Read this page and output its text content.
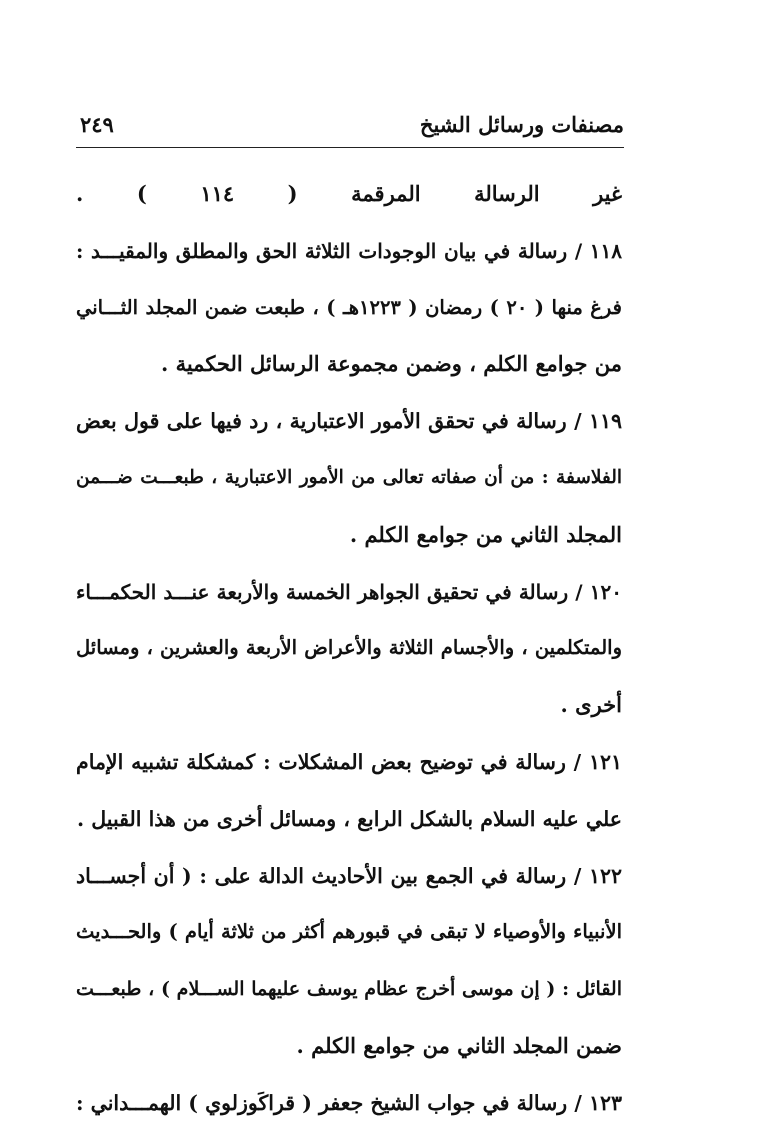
مصنفات ورسائل الشيخ
٢٤٩
غير الرسالة المرقمة ( ١١٤ ) .
١١٨ / رسالة في بيان الوجودات الثلاثة الحق والمطلق والمقيـــد :
فرغ منها ( ٢٠ ) رمضان ( ١٢٢٣هـ ) ، طبعت ضمن المجلد الثـــاني
من جوامع الكلم ، وضمن مجموعة الرسائل الحكمية .
١١٩ / رسالة في تحقق الأمور الاعتبارية ، رد فيها على قول بعض
الفلاسفة : من أن صفاته تعالى من الأمور الاعتبارية ، طبعـــت ضـــمن
المجلد الثاني من جوامع الكلم .
١٢٠ / رسالة في تحقيق الجواهر الخمسة والأربعة عنـــد الحكمـــاء
والمتكلمين ، والأجسام الثلاثة والأعراض الأربعة والعشرين ، ومسائل
أخرى .
١٢١ / رسالة في توضيح بعض المشكلات : كمشكلة تشبيه الإمام
علي عليه السلام بالشكل الرابع ، ومسائل أخرى من هذا القبيل .
١٢٢ / رسالة في الجمع بين الأحاديث الدالة على : ( أن أجســـاد
الأنبياء والأوصياء لا تبقى في قبورهم أكثر من ثلاثة أيام ) والحـــديث
القائل : ( إن موسى أخرج عظام يوسف عليهما الســـلام ) ، طبعـــت
ضمن المجلد الثاني من جوامع الكلم .
١٢٣ / رسالة في جواب الشيخ جعفر ( قراكَوزلوي ) الهمـــداني :
